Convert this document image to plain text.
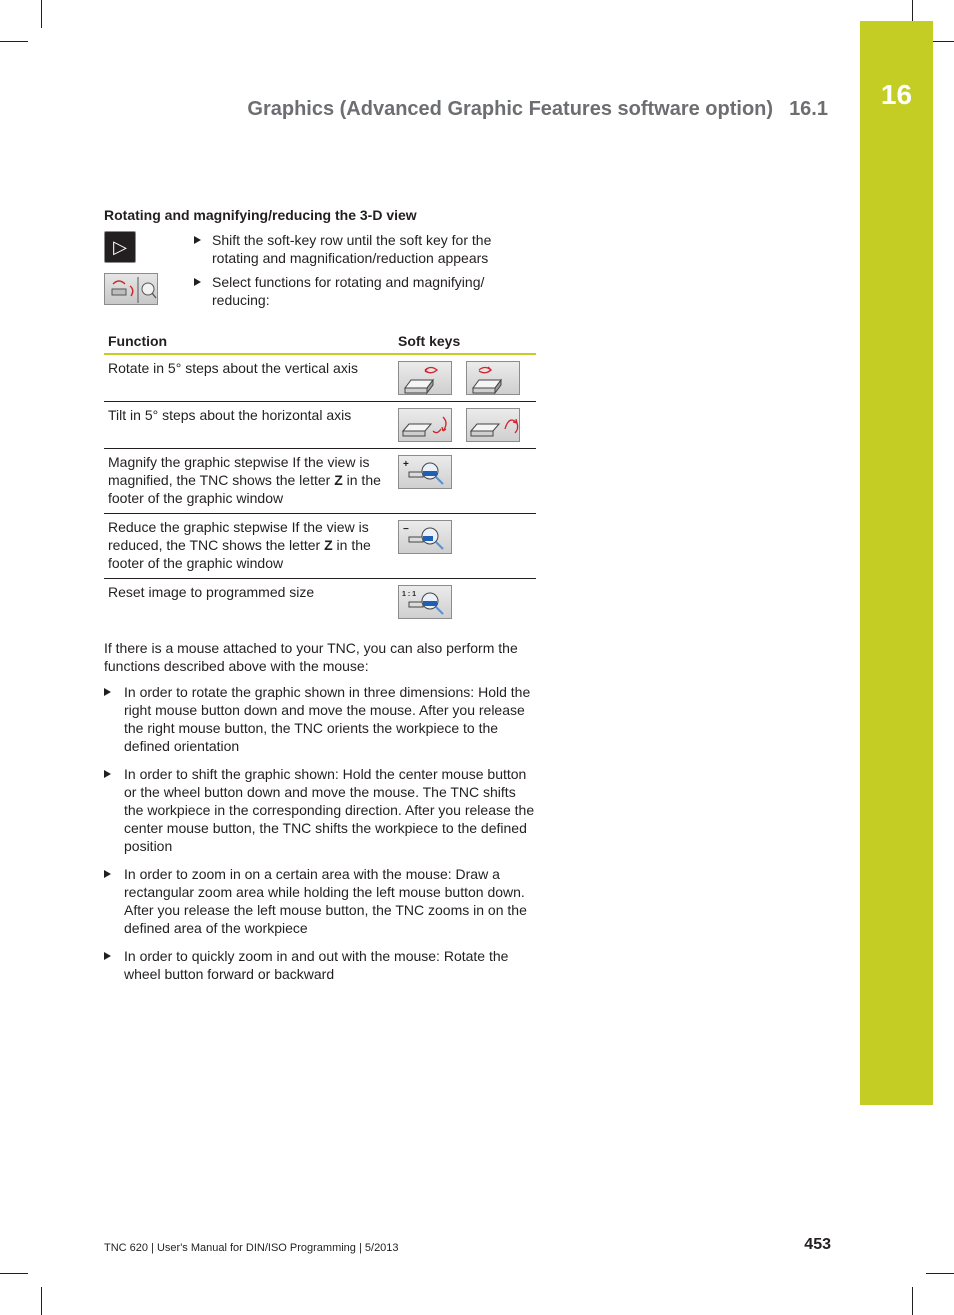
16
Graphics (Advanced Graphic Features software option) 16.1
Rotating and magnifying/reducing the 3-D view
▷	Shift the soft-key row until the soft key for the rotating and magnification/reduction appears
Select functions for rotating and magnifying/ reducing:
Function	Soft keys
Rotate in 5° steps about the vertical axis	

Tilt in 5° steps about the horizontal axis	

Magnify the graphic stepwise If the view is magnified, the TNC shows the letter Z in the footer of the graphic window	+

Reduce the graphic stepwise If the view is reduced, the TNC shows the letter Z in the footer of the graphic window	−

Reset image to programmed size	1 : 1
If there is a mouse attached to your TNC, you can also perform the functions described above with the mouse:
In order to rotate the graphic shown in three dimensions: Hold the right mouse button down and move the mouse. After you release the right mouse button, the TNC orients the workpiece to the defined orientation
In order to shift the graphic shown: Hold the center mouse button or the wheel button down and move the mouse. The TNC shifts the workpiece in the corresponding direction. After you release the center mouse button, the TNC shifts the workpiece to the defined position
In order to zoom in on a certain area with the mouse: Draw a rectangular zoom area while holding the left mouse button down. After you release the left mouse button, the TNC zooms in on the defined area of the workpiece
In order to quickly zoom in and out with the mouse: Rotate the wheel button forward or backward
TNC 620 | User's Manual for DIN/ISO Programming | 5/2013	453
